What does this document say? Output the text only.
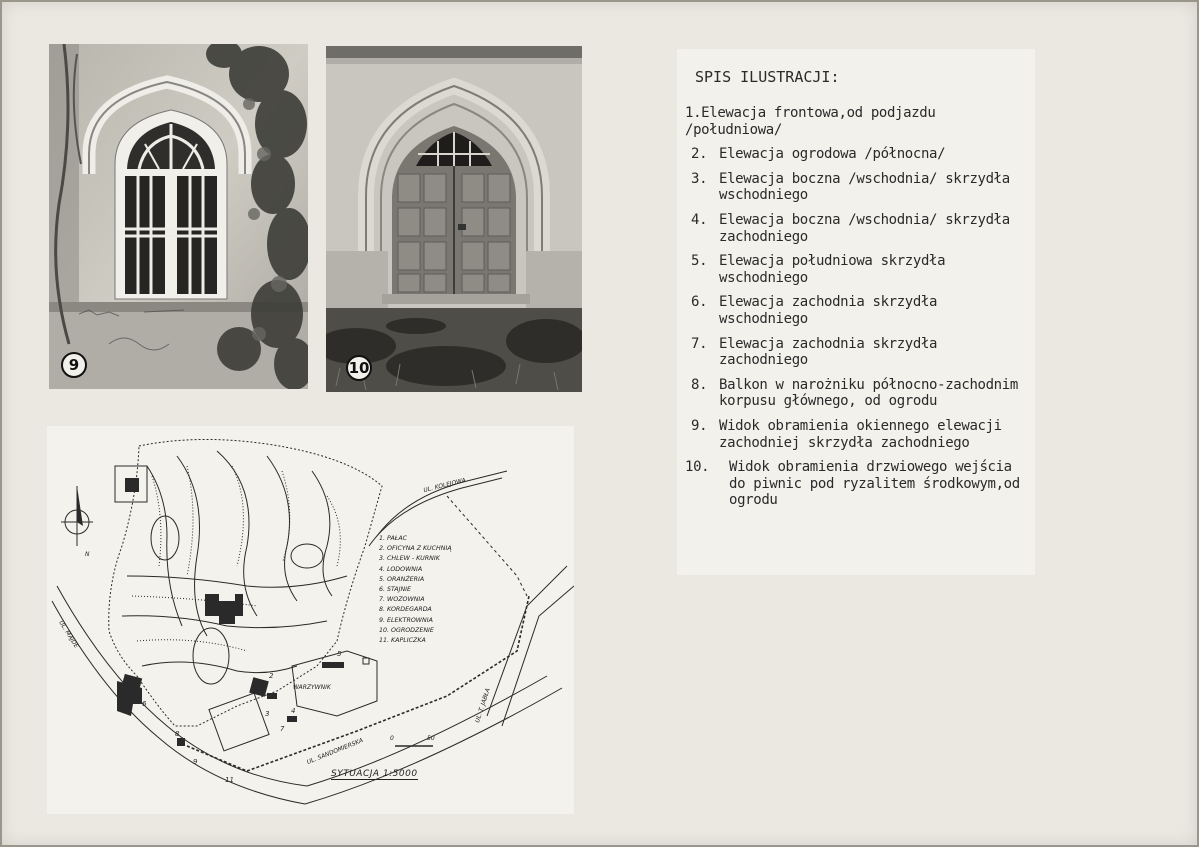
9	10
1
2
3	4
5
6
7
8
9
11
1. PAŁAC
2. OFICYNA Z KUCHNIĄ
3. CHLEW - KURNIK
4. LODOWNIA
5. ORANŻERIA
6. STAJNIE
7. WOZOWNIA
8. KORDEGARDA
9. ELEKTROWNIA
10. OGRODZENIE
11. KAPLICZKA
N
0	50
WARZYWNIK
UL. SANDOMIERSKA
UL. T. JABŁA
UL. KOLEJOWA
UL. MAJDE
SYTUACJA 1:5000
SPIS ILUSTRACJI:
1.Elewacja frontowa,od podjazdu /południowa/
2. Elewacja ogrodowa /północna/
3. Elewacja boczna /wschodnia/ skrzydła wschodniego
4. Elewacja boczna /wschodnia/ skrzydła zachodniego
5. Elewacja południowa skrzydła wschodniego
6. Elewacja zachodnia skrzydła wschodniego
7. Elewacja zachodnia skrzydła zachodniego
8. Balkon w narożniku północno-zachodnim korpusu głównego, od ogrodu
9. Widok obramienia okiennego elewacji zachodniej skrzydła zachodniego
10.	Widok obramienia drzwiowego wejścia do piwnic pod ryzalitem środkowym,od ogrodu
